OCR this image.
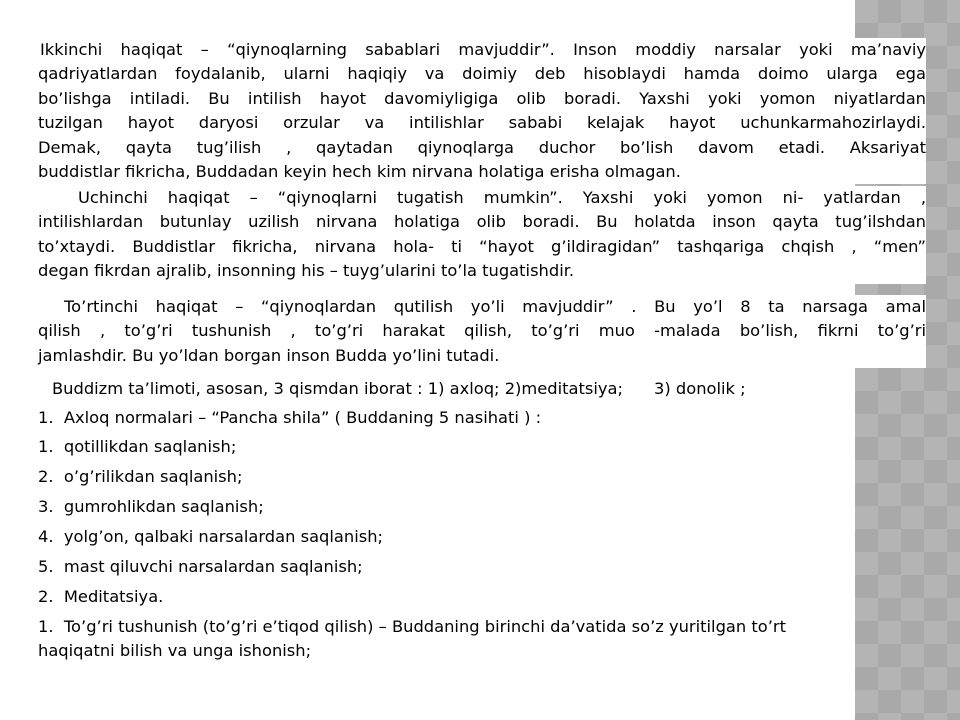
Ikkinchi haqiqat – “qiynoqlarning sabablari mavjuddir”. Inson moddiy narsalar yoki ma’naviy
qadriyatlardan foydalanib, ularni haqiqiy va doimiy deb hisoblaydi hamda doimo ularga ega
bo’lishga intiladi. Bu intilish hayot davomiyligiga olib boradi. Yaxshi yoki yomon niyatlardan
tuzilgan hayot daryosi orzular va intilishlar sababi kelajak hayot uchunkarmahozirlaydi.
Demak, qayta tug’ilish , qaytadan qiynoqlarga duchor bo’lish davom etadi. Aksariyat
buddistlar fikricha, Buddadan keyin hech kim nirvana holatiga erisha olmagan.
Uchinchi haqiqat – “qiynoqlarni tugatish mumkin”. Yaxshi yoki yomon ni- yatlardan ,
intilishlardan butunlay uzilish nirvana holatiga olib boradi. Bu holatda inson qayta tug’ilshdan
to’xtaydi. Buddistlar fikricha, nirvana hola- ti “hayot g’ildiragidan” tashqariga chqish , “men”
degan fikrdan ajralib, insonning his – tuyg’ularini to’la tugatishdir.
To’rtinchi haqiqat – “qiynoqlardan qutilish yo’li mavjuddir” . Bu yo’l 8 ta narsaga amal
qilish , to’g’ri tushunish , to’g’ri harakat qilish, to’g’ri muo -malada bo’lish, fikrni to’g’ri
jamlashdir. Bu yo’ldan borgan inson Budda yo’lini tutadi.
Buddizm ta’limoti, asosan, 3 qismdan iborat : 1) axloq; 2)meditatsiya;      3) donolik ;
1.  Axloq normalari – “Pancha shila” ( Buddaning 5 nasihati ) :
1.  qotillikdan saqlanish;
2.  o’g’rilikdan saqlanish;
3.  gumrohlikdan saqlanish;
4.  yolg’on, qalbaki narsalardan saqlanish;
5.  mast qiluvchi narsalardan saqlanish;
2.  Meditatsiya.
1.  To’g’ri tushunish (to’g’ri e’tiqod qilish) – Buddaning birinchi da’vatida so’z yuritilgan to’rt
haqiqatni bilish va unga ishonish;
